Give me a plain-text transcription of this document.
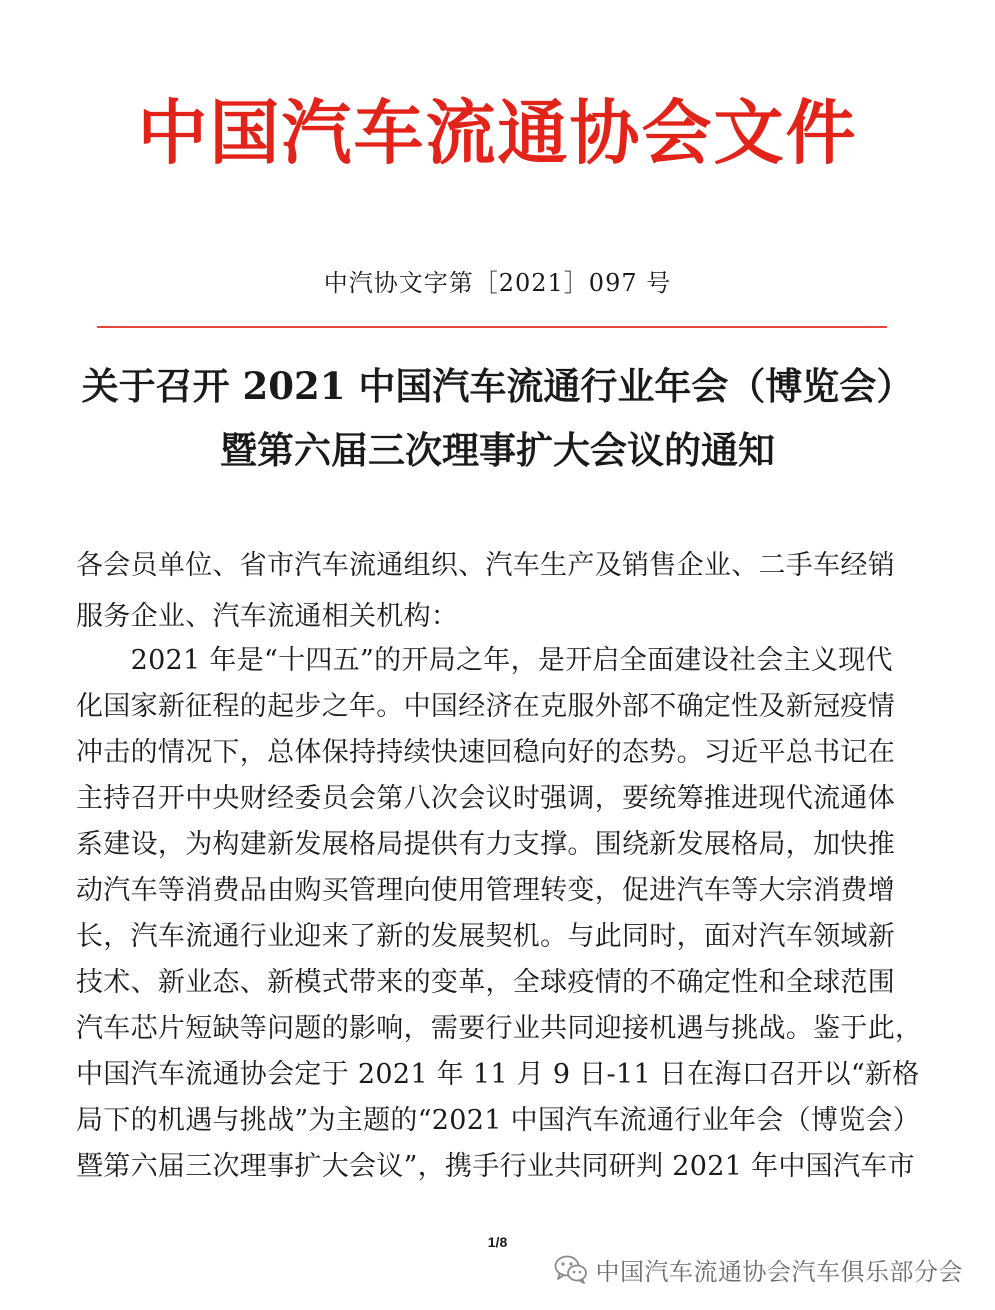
中国汽车流通协会文件
中汽协文字第［2021］097 号
关于召开 2021 中国汽车流通行业年会（博览会）
暨第六届三次理事扩大会议的通知
各会员单位、省市汽车流通组织、汽车生产及销售企业、二手车经销
服务企业、汽车流通相关机构：
　　2021 年是“十四五”的开局之年，是开启全面建设社会主义现代
化国家新征程的起步之年。中国经济在克服外部不确定性及新冠疫情
冲击的情况下，总体保持持续快速回稳向好的态势。习近平总书记在
主持召开中央财经委员会第八次会议时强调，要统筹推进现代流通体
系建设，为构建新发展格局提供有力支撑。围绕新发展格局，加快推
动汽车等消费品由购买管理向使用管理转变，促进汽车等大宗消费增
长，汽车流通行业迎来了新的发展契机。与此同时，面对汽车领域新
技术、新业态、新模式带来的变革，全球疫情的不确定性和全球范围
汽车芯片短缺等问题的影响，需要行业共同迎接机遇与挑战。鉴于此，
中国汽车流通协会定于 2021 年 11 月 9 日-11 日在海口召开以“新格
局下的机遇与挑战”为主题的“2021 中国汽车流通行业年会（博览会）
暨第六届三次理事扩大会议”，携手行业共同研判 2021 年中国汽车市
1/8
中国汽车流通协会汽车俱乐部分会
